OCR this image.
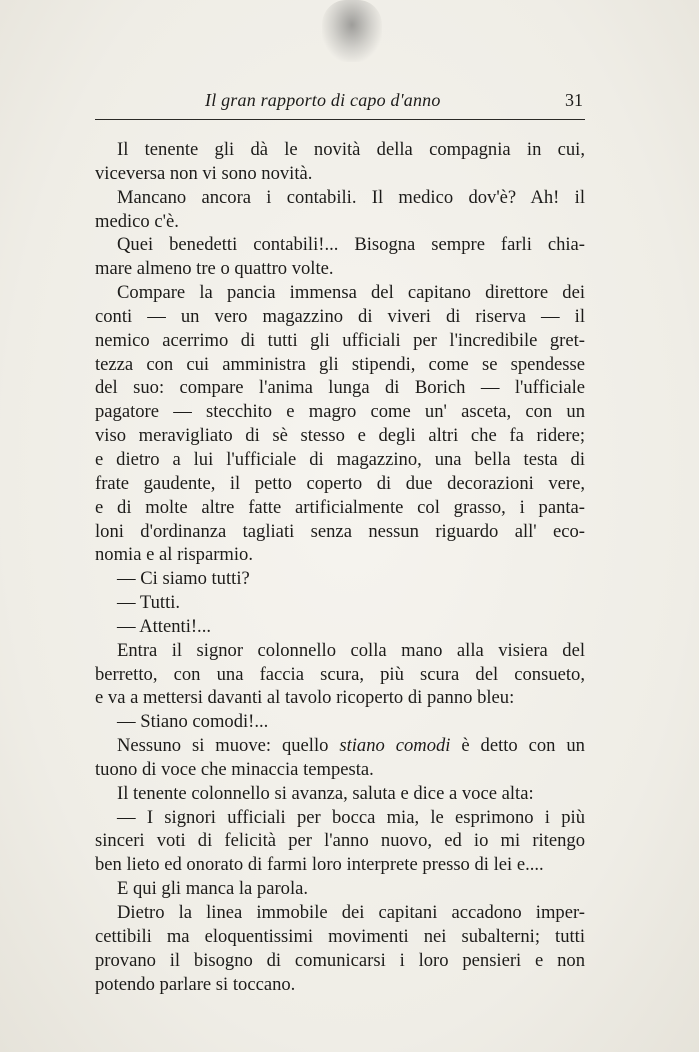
Il gran rapporto di capo d'anno	31
Il tenente gli dà le novità della compagnia in cui,
viceversa non vi sono novità.
Mancano ancora i contabili. Il medico dov'è? Ah! il
medico c'è.
Quei benedetti contabili!... Bisogna sempre farli chia-
mare almeno tre o quattro volte.
Compare la pancia immensa del capitano direttore dei
conti — un vero magazzino di viveri di riserva — il
nemico acerrimo di tutti gli ufficiali per l'incredibile gret-
tezza con cui amministra gli stipendi, come se spendesse
del suo: compare l'anima lunga di Borich — l'ufficiale
pagatore — stecchito e magro come un' asceta, con un
viso meravigliato di sè stesso e degli altri che fa ridere;
e dietro a lui l'ufficiale di magazzino, una bella testa di
frate gaudente, il petto coperto di due decorazioni vere,
e di molte altre fatte artificialmente col grasso, i panta-
loni d'ordinanza tagliati senza nessun riguardo all' eco-
nomia e al risparmio.
— Ci siamo tutti?
— Tutti.
— Attenti!...
Entra il signor colonnello colla mano alla visiera del
berretto, con una faccia scura, più scura del consueto,
e va a mettersi davanti al tavolo ricoperto di panno bleu:
— Stiano comodi!...
Nessuno si muove: quello stiano comodi è detto con un
tuono di voce che minaccia tempesta.
Il tenente colonnello si avanza, saluta e dice a voce alta:
— I signori ufficiali per bocca mia, le esprimono i più
sinceri voti di felicità per l'anno nuovo, ed io mi ritengo
ben lieto ed onorato di farmi loro interprete presso di lei e....
E qui gli manca la parola.
Dietro la linea immobile dei capitani accadono imper-
cettibili ma eloquentissimi movimenti nei subalterni; tutti
provano il bisogno di comunicarsi i loro pensieri e non
potendo parlare si toccano.
